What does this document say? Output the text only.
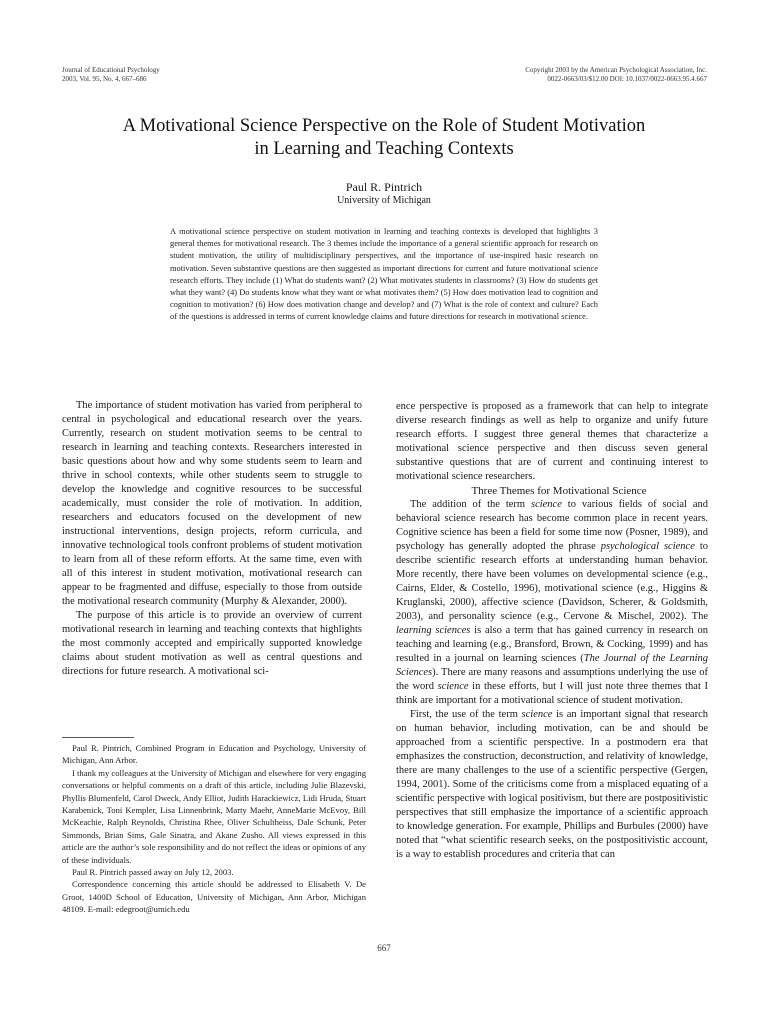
Journal of Educational Psychology
2003, Vol. 95, No. 4, 667–686
Copyright 2003 by the American Psychological Association, Inc.
0022-0663/03/$12.00 DOI: 10.1037/0022-0663.95.4.667
A Motivational Science Perspective on the Role of Student Motivation
in Learning and Teaching Contexts
Paul R. Pintrich
University of Michigan
A motivational science perspective on student motivation in learning and teaching contexts is developed that highlights 3 general themes for motivational research. The 3 themes include the importance of a general scientific approach for research on student motivation, the utility of multidisciplinary perspectives, and the importance of use-inspired basic research on motivation. Seven substantive questions are then suggested as important directions for current and future motivational science research efforts. They include (1) What do students want? (2) What motivates students in classrooms? (3) How do students get what they want? (4) Do students know what they want or what motivates them? (5) How does motivation lead to cognition and cognition to motivation? (6) How does motivation change and develop? and (7) What is the role of context and culture? Each of the questions is addressed in terms of current knowledge claims and future directions for research in motivational science.

The importance of student motivation has varied from peripheral to central in psychological and educational research over the years. Currently, research on student motivation seems to be central to research in learning and teaching contexts. Researchers interested in basic questions about how and why some students seem to learn and thrive in school contexts, while other students seem to struggle to develop the knowledge and cognitive resources to be successful academically, must consider the role of motivation. In addition, researchers and educators focused on the development of new instructional interventions, design projects, reform curricula, and innovative technological tools confront problems of student motivation to learn from all of these reform efforts. At the same time, even with all of this interest in student motivation, motivational research can appear to be fragmented and diffuse, especially to those from outside the motivational research community (Murphy & Alexander, 2000).

The purpose of this article is to provide an overview of current motivational research in learning and teaching contexts that highlights the most commonly accepted and empirically supported knowledge claims about student motivation as well as central questions and directions for future research. A motivational sci-

ence perspective is proposed as a framework that can help to integrate diverse research findings as well as help to organize and unify future research efforts. I suggest three general themes that characterize a motivational science perspective and then discuss seven general substantive questions that are of current and continuing interest to motivational science researchers.

Three Themes for Motivational Science

The addition of the term science to various fields of social and behavioral science research has become common place in recent years. Cognitive science has been a field for some time now (Posner, 1989), and psychology has generally adopted the phrase psychological science to describe scientific research efforts at understanding human behavior. More recently, there have been volumes on developmental science (e.g., Cairns, Elder, & Costello, 1996), motivational science (e.g., Higgins & Kruglanski, 2000), affective science (Davidson, Scherer, & Goldsmith, 2003), and personality science (e.g., Cervone & Mischel, 2002). The learning sciences is also a term that has gained currency in research on teaching and learning (e.g., Bransford, Brown, & Cocking, 1999) and has resulted in a journal on learning sciences (The Journal of the Learning Sciences). There are many reasons and assumptions underlying the use of the word science in these efforts, but I will just note three themes that I think are important for a motivational science of student motivation.

First, the use of the term science is an important signal that research on human behavior, including motivation, can be and should be approached from a scientific perspective. In a postmodern era that emphasizes the construction, deconstruction, and relativity of knowledge, there are many challenges to the use of a scientific perspective (Gergen, 1994, 2001). Some of the criticisms come from a misplaced equating of a scientific perspective with logical positivism, but there are postpositivistic perspectives that still emphasize the importance of a scientific approach to knowledge generation. For example, Phillips and Burbules (2000) have noted that “what scientific research seeks, on the postpositivistic account, is a way to establish procedures and criteria that can

Paul R. Pintrich, Combined Program in Education and Psychology, University of Michigan, Ann Arbor.

I thank my colleagues at the University of Michigan and elsewhere for very engaging conversations or helpful comments on a draft of this article, including Julie Blazevski, Phyllis Blumenfeld, Carol Dweck, Andy Elliot, Judith Harackiewicz, Lidi Hruda, Stuart Karabenick, Toni Kempler, Lisa Linnenbrink, Marty Maehr, AnneMarie McEvoy, Bill McKeachie, Ralph Reynolds, Christina Rhee, Oliver Schultheiss, Dale Schunk, Peter Simmonds, Brian Sims, Gale Sinatra, and Akane Zusho. All views expressed in this article are the author’s sole responsibility and do not reflect the ideas or opinions of any of these individuals.

Paul R. Pintrich passed away on July 12, 2003.

Correspondence concerning this article should be addressed to Elisabeth V. De Groot, 1400D School of Education, University of Michigan, Ann Arbor, Michigan 48109. E-mail: edegroot@umich.edu

667
